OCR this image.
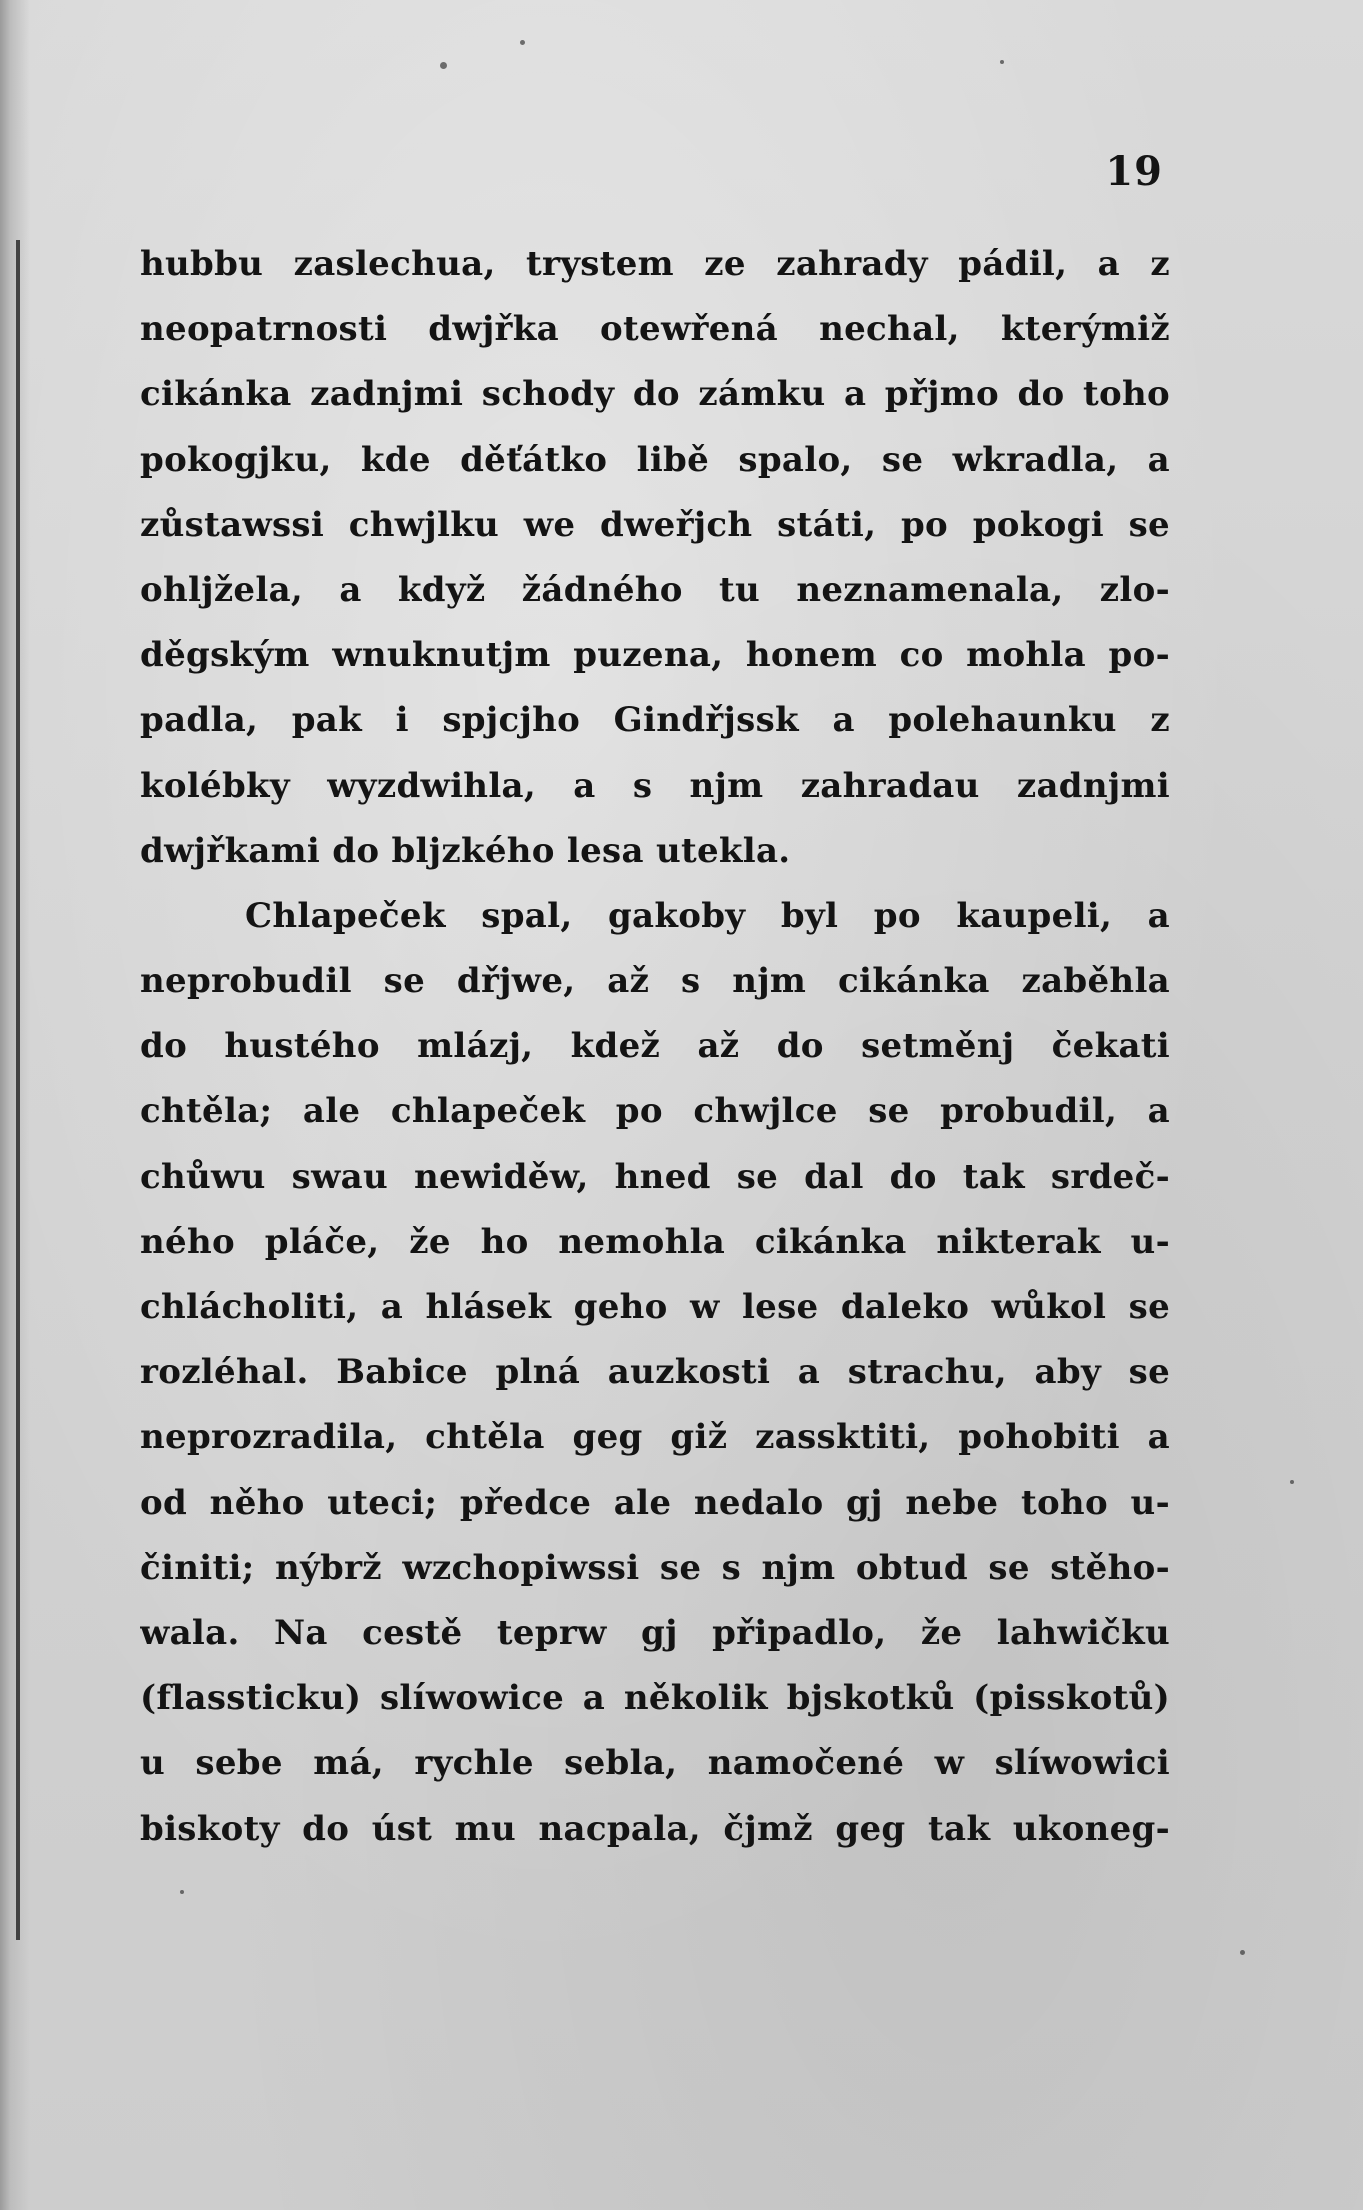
19
hubbu zaslechua, trystem ze zahrady pádil, a z
neopatrnosti dwjřka otewřená nechal, kterýmiž
cikánka zadnjmi schody do zámku a přjmo do toho
pokogjku, kde děťátko libě spalo, se wkradla, a
zůstawssi chwjlku we dweřjch státi, po pokogi se
ohljžela, a když žádného tu neznamenala, zlo-
děgským wnuknutjm puzena, honem co mohla po-
padla, pak i spjcjho Gindřjssk a polehaunku z
kolébky wyzdwihla, a s njm zahradau zadnjmi
dwjřkami do bljzkého lesa utekla.
Chlapeček spal, gakoby byl po kaupeli, a
neprobudil se dřjwe, až s njm cikánka zaběhla
do hustého mlázj, kdež až do setměnj čekati
chtěla; ale chlapeček po chwjlce se probudil, a
chůwu swau newiděw, hned se dal do tak srdeč-
ného pláče, že ho nemohla cikánka nikterak u-
chlácholiti, a hlásek geho w lese daleko wůkol se
rozléhal. Babice plná auzkosti a strachu, aby se
neprozradila, chtěla geg giž zassktiti, pohobiti a
od něho uteci; předce ale nedalo gj nebe toho u-
činiti; nýbrž wzchopiwssi se s njm obtud se stěho-
wala. Na cestě teprw gj připadlo, že lahwičku
(flassticku) slíwowice a několik bjskotků (pisskotů)
u sebe má, rychle sebla, namočené w slíwowici
biskoty do úst mu nacpala, čjmž geg tak ukoneg-
